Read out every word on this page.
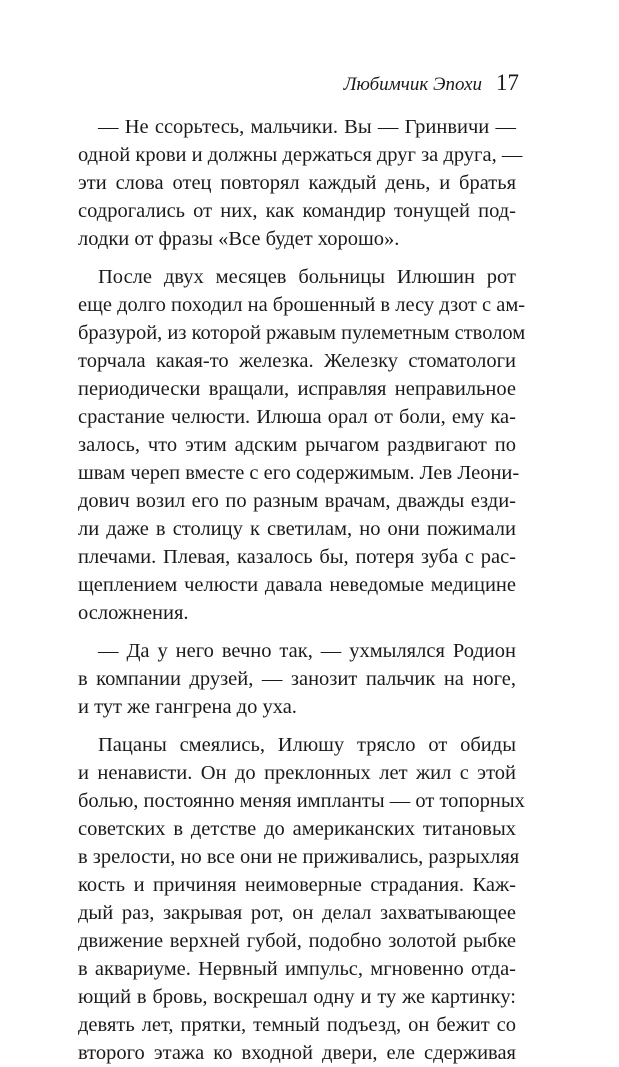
Любимчик Эпохи 17
— Не ссорьтесь, мальчики. Вы — Гринвичи —
одной крови и должны держаться друг за друга, —
эти слова отец повторял каждый день, и братья
содрогались от них, как командир тонущей под-
лодки от фразы «Все будет хорошо».
После двух месяцев больницы Илюшин рот
еще долго походил на брошенный в лесу дзот с ам-
бразурой, из которой ржавым пулеметным стволом
торчала какая-то железка. Железку стоматологи
периодически вращали, исправляя неправильное
срастание челюсти. Илюша орал от боли, ему ка-
залось, что этим адским рычагом раздвигают по
швам череп вместе с его содержимым. Лев Леони-
дович возил его по разным врачам, дважды езди-
ли даже в столицу к светилам, но они пожимали
плечами. Плевая, казалось бы, потеря зуба с рас-
щеплением челюсти давала неведомые медицине
осложнения.
— Да у него вечно так, — ухмылялся Родион
в компании друзей, — занозит пальчик на ноге,
и тут же гангрена до уха.
Пацаны смеялись, Илюшу трясло от обиды
и ненависти. Он до преклонных лет жил с этой
болью, постоянно меняя импланты — от топорных
советских в детстве до американских титановых
в зрелости, но все они не приживались, разрыхляя
кость и причиняя неимоверные страдания. Каж-
дый раз, закрывая рот, он делал захватывающее
движение верхней губой, подобно золотой рыбке
в аквариуме. Нервный импульс, мгновенно отда-
ющий в бровь, воскрешал одну и ту же картинку:
девять лет, прятки, темный подъезд, он бежит со
второго этажа ко входной двери, еле сдерживая
